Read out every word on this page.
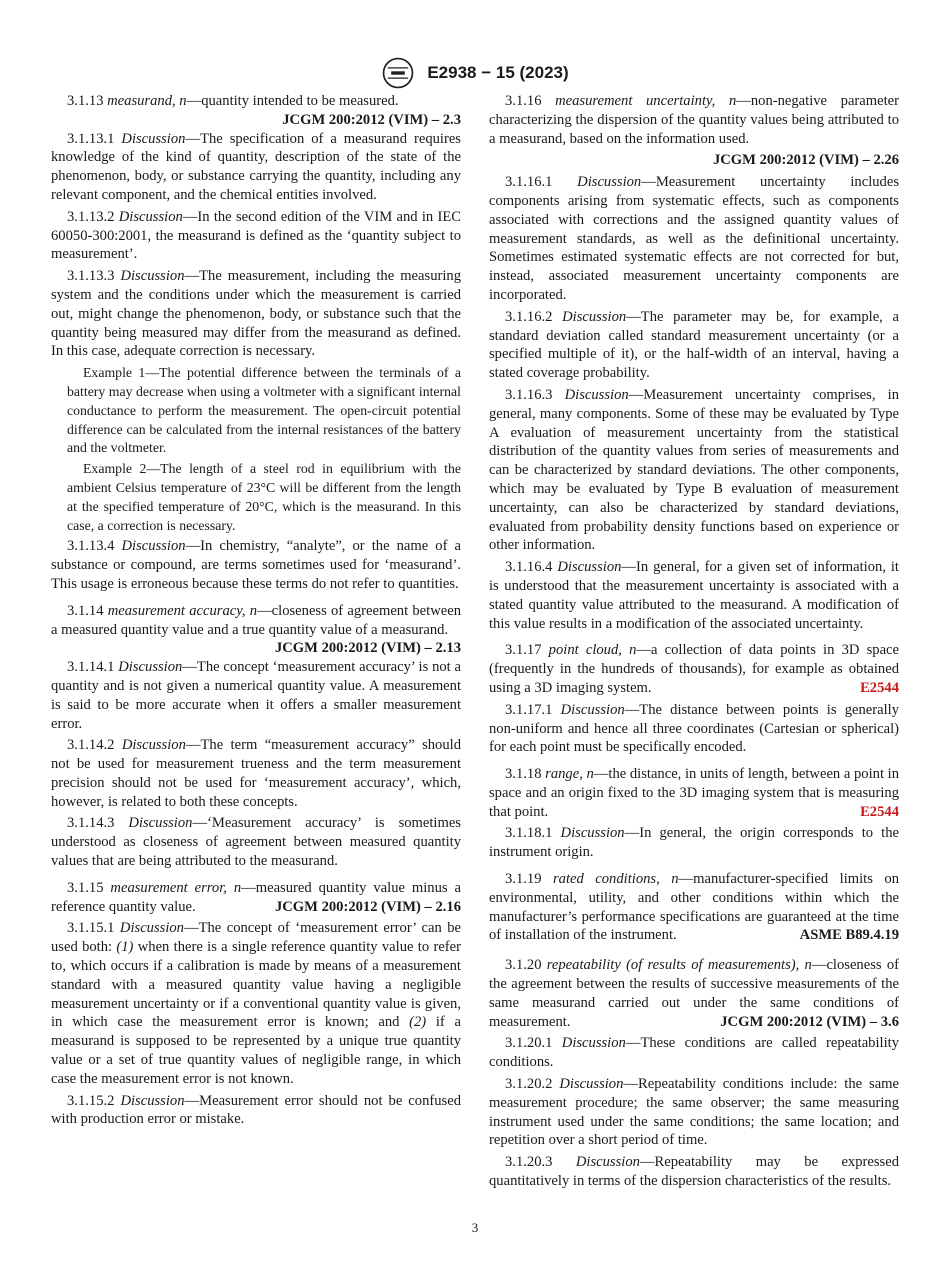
E2938 − 15 (2023)

3.1.13 measurand, n—quantity intended to be measured.
JCGM 200:2012 (VIM) – 2.3

3.1.13.1 Discussion—The specification of a measurand requires knowledge of the kind of quantity, description of the state of the phenomenon, body, or substance carrying the quantity, including any relevant component, and the chemical entities involved.

3.1.13.2 Discussion—In the second edition of the VIM and in IEC 60050-300:2001, the measurand is defined as the ‘quantity subject to measurement’.

3.1.13.3 Discussion—The measurement, including the measuring system and the conditions under which the measurement is carried out, might change the phenomenon, body, or substance such that the quantity being measured may differ from the measurand as defined. In this case, adequate correction is necessary.

Example 1—The potential difference between the terminals of a battery may decrease when using a voltmeter with a significant internal conductance to perform the measurement. The open-circuit potential difference can be calculated from the internal resistances of the battery and the voltmeter.

Example 2—The length of a steel rod in equilibrium with the ambient Celsius temperature of 23°C will be different from the length at the specified temperature of 20°C, which is the measurand. In this case, a correction is necessary.

3.1.13.4 Discussion—In chemistry, “analyte”, or the name of a substance or compound, are terms sometimes used for ‘measurand’. This usage is erroneous because these terms do not refer to quantities.

3.1.14 measurement accuracy, n—closeness of agreement between a measured quantity value and a true quantity value of a measurand.
JCGM 200:2012 (VIM) – 2.13

3.1.14.1 Discussion—The concept ‘measurement accuracy’ is not a quantity and is not given a numerical quantity value. A measurement is said to be more accurate when it offers a smaller measurement error.

3.1.14.2 Discussion—The term “measurement accuracy” should not be used for measurement trueness and the term measurement precision should not be used for ‘measurement accuracy’, which, however, is related to both these concepts.

3.1.14.3 Discussion—‘Measurement accuracy’ is sometimes understood as closeness of agreement between measured quantity values that are being attributed to the measurand.

3.1.15 measurement error, n—measured quantity value minus a reference quantity value.	JCGM 200:2012 (VIM) – 2.16

3.1.15.1 Discussion—The concept of ‘measurement error’ can be used both: (1) when there is a single reference quantity value to refer to, which occurs if a calibration is made by means of a measurement standard with a measured quantity value having a negligible measurement uncertainty or if a conventional quantity value is given, in which case the measurement error is known; and (2) if a measurand is supposed to be represented by a unique true quantity value or a set of true quantity values of negligible range, in which case the measurement error is not known.

3.1.15.2 Discussion—Measurement error should not be confused with production error or mistake.

3.1.16 measurement uncertainty, n—non-negative parameter characterizing the dispersion of the quantity values being attributed to a measurand, based on the information used.

JCGM 200:2012 (VIM) – 2.26

3.1.16.1 Discussion—Measurement uncertainty includes components arising from systematic effects, such as components associated with corrections and the assigned quantity values of measurement standards, as well as the definitional uncertainty. Sometimes estimated systematic effects are not corrected for but, instead, associated measurement uncertainty components are incorporated.

3.1.16.2 Discussion—The parameter may be, for example, a standard deviation called standard measurement uncertainty (or a specified multiple of it), or the half-width of an interval, having a stated coverage probability.

3.1.16.3 Discussion—Measurement uncertainty comprises, in general, many components. Some of these may be evaluated by Type A evaluation of measurement uncertainty from the statistical distribution of the quantity values from series of measurements and can be characterized by standard deviations. The other components, which may be evaluated by Type B evaluation of measurement uncertainty, can also be characterized by standard deviations, evaluated from probability density functions based on experience or other information.

3.1.16.4 Discussion—In general, for a given set of information, it is understood that the measurement uncertainty is associated with a stated quantity value attributed to the measurand. A modification of this value results in a modification of the associated uncertainty.

3.1.17 point cloud, n—a collection of data points in 3D space (frequently in the hundreds of thousands), for example as obtained using a 3D imaging system.	E2544

3.1.17.1 Discussion—The distance between points is generally non-uniform and hence all three coordinates (Cartesian or spherical) for each point must be specifically encoded.

3.1.18 range, n—the distance, in units of length, between a point in space and an origin fixed to the 3D imaging system that is measuring that point.	E2544

3.1.18.1 Discussion—In general, the origin corresponds to the instrument origin.

3.1.19 rated conditions, n—manufacturer-specified limits on environmental, utility, and other conditions within which the manufacturer’s performance specifications are guaranteed at the time of installation of the instrument.	ASME B89.4.19

3.1.20 repeatability (of results of measurements), n—closeness of the agreement between the results of successive measurements of the same measurand carried out under the same conditions of measurement.	JCGM 200:2012 (VIM) – 3.6

3.1.20.1 Discussion—These conditions are called repeatability conditions.

3.1.20.2 Discussion—Repeatability conditions include: the same measurement procedure; the same observer; the same measuring instrument used under the same conditions; the same location; and repetition over a short period of time.

3.1.20.3 Discussion—Repeatability may be expressed quantitatively in terms of the dispersion characteristics of the results.

3
